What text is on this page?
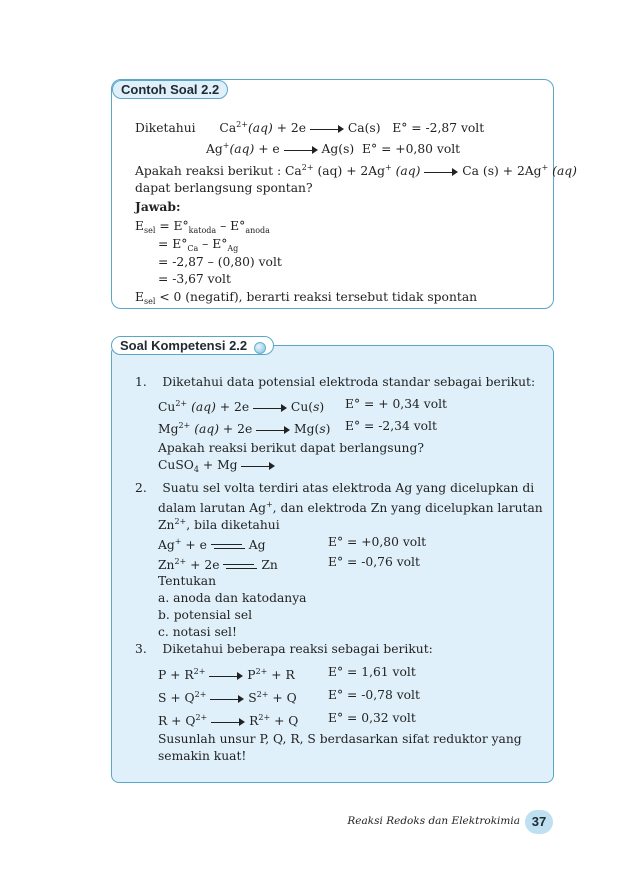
Contoh Soal 2.2
Diketahui $Ca^{2+}(aq) + 2e$	Ca(s) E° = -2,87 volt
Ag+(aq) + e	Ag(s) E° = +0,80 volt
Apakah reaksi berikut : $Ca^{2+}$ (aq) + 2Ag+ (aq)	Ca (s) + 2Ag+ (aq)
dapat berlangsung spontan?
Jawab:
$E_{sel} = E^\circ_{katoda} - E^\circ_{anoda}$
= $E^\circ_{Ca} - E^\circ_{Ag}$
= -2,87 – (0,80) volt
= -3,67 volt
$E_{sel} < 0$ (negatif), berarti reaksi tersebut tidak spontan
Soal Kompetensi 2.2
1. Diketahui data potensial elektroda standar sebagai berikut:
$Cu^{2+}$ (aq) + 2e	Cu(s) E° = + 0,34 volt
$Mg^{2+}$ (aq) + 2e	Mg(s) E° = -2,34 volt
Apakah reaksi berikut dapat berlangsung?
CuSO$_4$ + Mg
2. Suatu sel volta terdiri atas elektroda Ag yang dicelupkan di
dalam larutan Ag+, dan elektroda Zn yang dicelupkan larutan
$Zn^{2+}$, bila diketahui
Ag+ + e	Ag	E° = +0,80 volt
$Zn^{2+} + 2e$	Zn	E° = -0,76 volt
Tentukan
a. anoda dan katodanya
b. potensial sel
c. notasi sel!
3. Diketahui beberapa reaksi sebagai berikut:
$P + R^{2+}$	$P^{2+} + R$	E° = 1,61 volt
$S + Q^{2+}$	$S^{2+} + Q$	E° = -0,78 volt
$R + Q^{2+}$	$R^{2+} + Q$ E° = 0,32 volt
Susunlah unsur P, Q, R, S berdasarkan sifat reduktor yang
semakin kuat!
Reaksi Redoks dan Elektrokimia 37
